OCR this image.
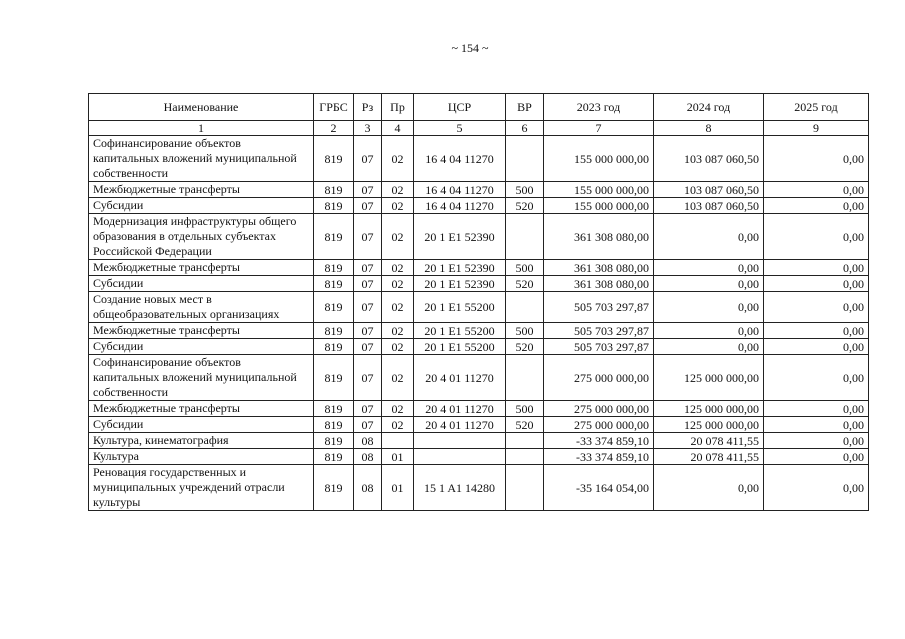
~ 154 ~
Наименование	ГРБС	Рз	Пр	ЦСР	ВР	2023 год	2024 год	2025 год
1	2	3	4	5	6	7	8	9
Софинансирование объектов капитальных вложений муниципальной собственности	819	07	02	16 4 04 11270		155 000 000,00	103 087 060,50	0,00
Межбюджетные трансферты	819	07	02	16 4 04 11270	500	155 000 000,00	103 087 060,50	0,00
Субсидии	819	07	02	16 4 04 11270	520	155 000 000,00	103 087 060,50	0,00
Модернизация инфраструктуры общего образования в отдельных субъектах Российской Федерации	819	07	02	20 1 E1 52390		361 308 080,00	0,00	0,00
Межбюджетные трансферты	819	07	02	20 1 E1 52390	500	361 308 080,00	0,00	0,00
Субсидии	819	07	02	20 1 E1 52390	520	361 308 080,00	0,00	0,00
Создание новых мест в общеобразовательных организациях	819	07	02	20 1 E1 55200		505 703 297,87	0,00	0,00
Межбюджетные трансферты	819	07	02	20 1 E1 55200	500	505 703 297,87	0,00	0,00
Субсидии	819	07	02	20 1 E1 55200	520	505 703 297,87	0,00	0,00
Софинансирование объектов капитальных вложений муниципальной собственности	819	07	02	20 4 01 11270		275 000 000,00	125 000 000,00	0,00
Межбюджетные трансферты	819	07	02	20 4 01 11270	500	275 000 000,00	125 000 000,00	0,00
Субсидии	819	07	02	20 4 01 11270	520	275 000 000,00	125 000 000,00	0,00
Культура, кинематография	819	08				-33 374 859,10	20 078 411,55	0,00
Культура	819	08	01			-33 374 859,10	20 078 411,55	0,00
Реновация государственных и муниципальных учреждений отрасли культуры	819	08	01	15 1 A1 14280		-35 164 054,00	0,00	0,00
